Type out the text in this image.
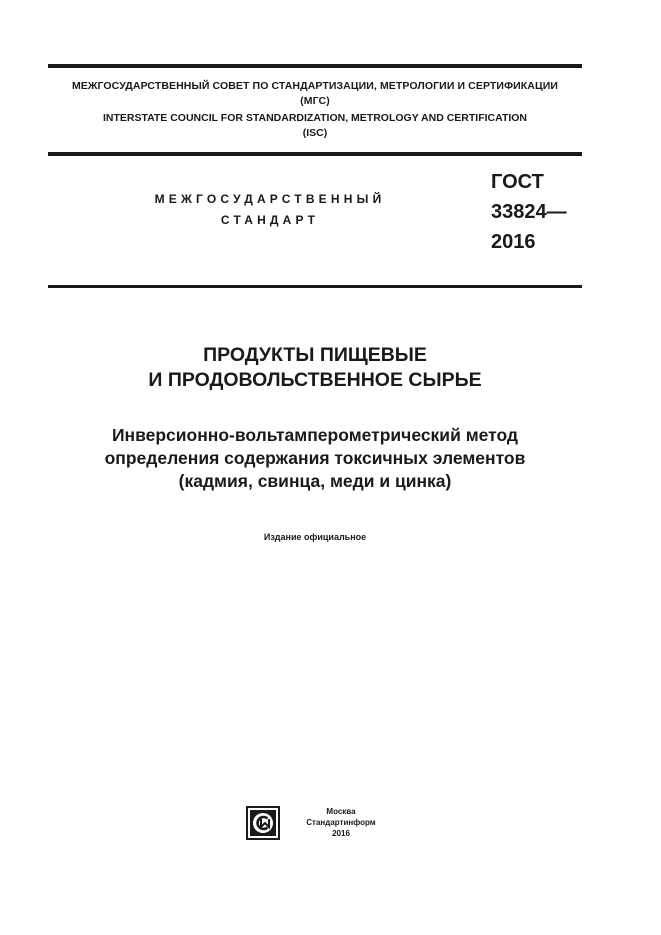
МЕЖГОСУДАРСТВЕННЫЙ СОВЕТ ПО СТАНДАРТИЗАЦИИ, МЕТРОЛОГИИ И СЕРТИФИКАЦИИ
(МГС)
INTERSTATE COUNCIL FOR STANDARDIZATION, METROLOGY AND CERTIFICATION
(ISC)
МЕЖГОСУДАРСТВЕННЫЙ
СТАНДАРТ
ГОСТ
33824—
2016
ПРОДУКТЫ ПИЩЕВЫЕ
И ПРОДОВОЛЬСТВЕННОЕ СЫРЬЕ
Инверсионно-вольтамперометрический метод
определения содержания токсичных элементов
(кадмия, свинца, меди и цинка)
Издание официальное
Москва
Стандартинформ
2016
